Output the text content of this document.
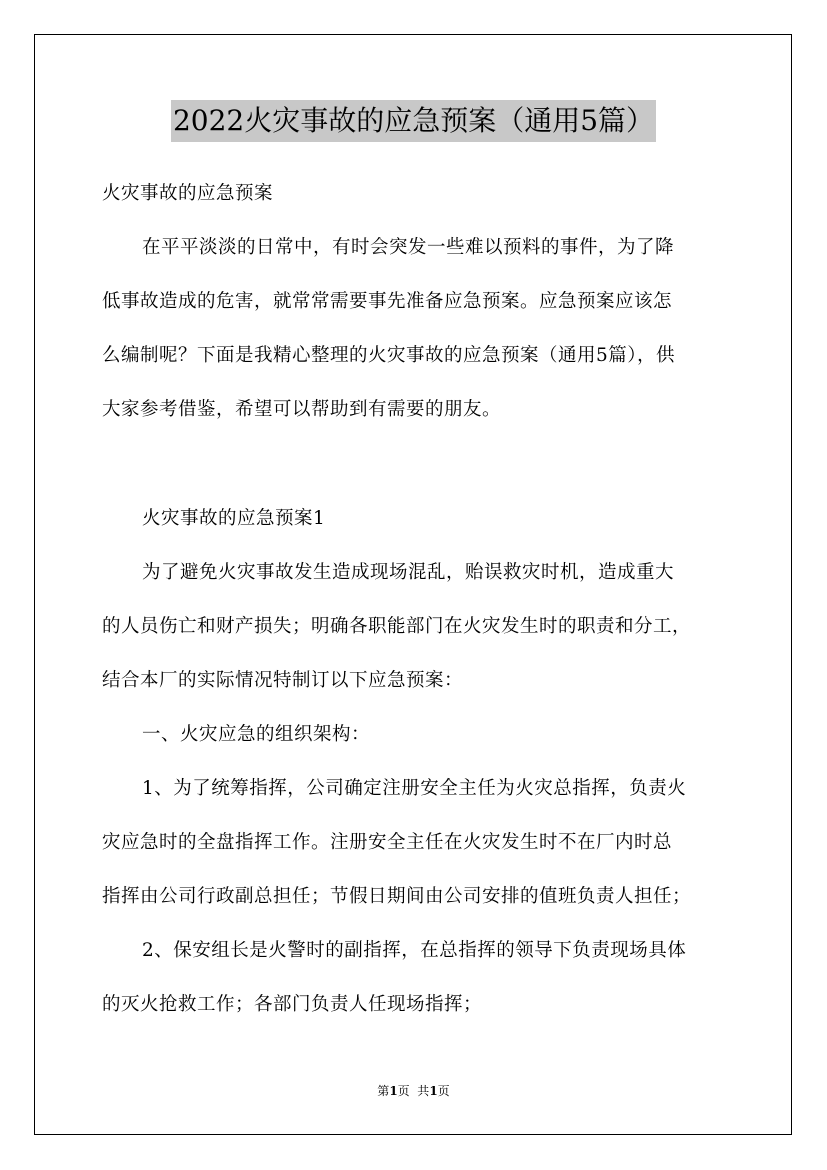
2022火灾事故的应急预案（通用5篇）
火灾事故的应急预案
在平平淡淡的日常中，有时会突发一些难以预料的事件，为了降
低事故造成的危害，就常常需要事先准备应急预案。应急预案应该怎
么编制呢？下面是我精心整理的火灾事故的应急预案（通用5篇），供
大家参考借鉴，希望可以帮助到有需要的朋友。
火灾事故的应急预案1
为了避免火灾事故发生造成现场混乱，贻误救灾时机，造成重大
的人员伤亡和财产损失；明确各职能部门在火灾发生时的职责和分工，
结合本厂的实际情况特制订以下应急预案：
一、火灾应急的组织架构：
1、为了统筹指挥，公司确定注册安全主任为火灾总指挥，负责火
灾应急时的全盘指挥工作。注册安全主任在火灾发生时不在厂内时总
指挥由公司行政副总担任；节假日期间由公司安排的值班负责人担任；
2、保安组长是火警时的副指挥，在总指挥的领导下负责现场具体
的灭火抢救工作；各部门负责人任现场指挥；
第1页  共1页
